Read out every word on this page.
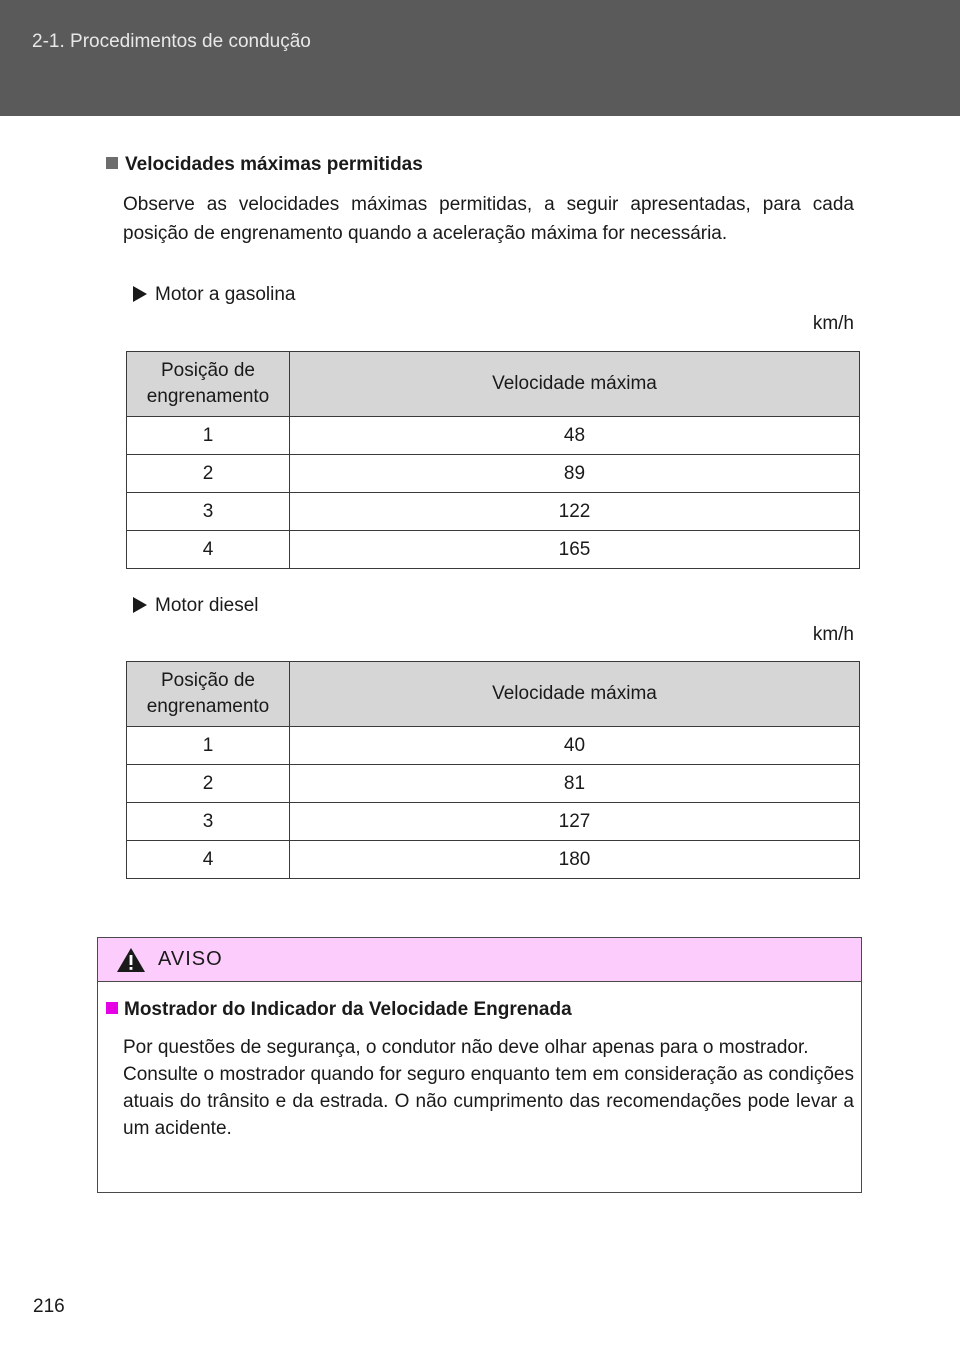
2-1. Procedimentos de condução
Velocidades máximas permitidas
Observe as velocidades máximas permitidas, a seguir apresentadas, para cada posição de engrenamento quando a aceleração máxima for necessária.
Motor a gasolina
km/h
Posição de engrenamento	Velocidade máxima
1	48
2	89
3	122
4	165
Motor diesel
km/h
Posição de engrenamento	Velocidade máxima
1	40
2	81
3	127
4	180
AVISO
Mostrador do Indicador da Velocidade Engrenada

Por questões de segurança, o condutor não deve olhar apenas para o mostrador.

Consulte o mostrador quando for seguro enquanto tem em consideração as condições atuais do trânsito e da estrada. O não cumprimento das recomendações pode levar a um acidente.

216
